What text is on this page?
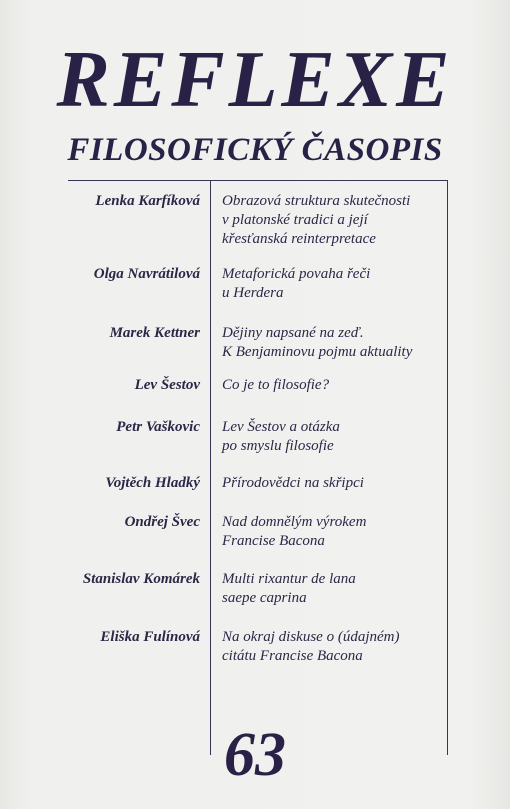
REFLEXE
FILOSOFICKÝ ČASOPIS
Lenka Karfíková Obrazová struktura skutečnosti
v platonské tradici a její
křesťanská reinterpretace
Olga Navrátilová Metaforická povaha řeči
u Herdera
Marek Kettner Dějiny napsané na zeď.
K Benjaminovu pojmu aktuality
Lev Šestov Co je to filosofie?
Petr Vaškovic Lev Šestov a otázka
po smyslu filosofie
Vojtěch Hladký Přírodovědci na skřipci
Ondřej Švec Nad domnělým výrokem
Francise Bacona
Stanislav Komárek Multi rixantur de lana
saepe caprina
Eliška Fulínová Na okraj diskuse o (údajném)
citátu Francise Bacona
63
